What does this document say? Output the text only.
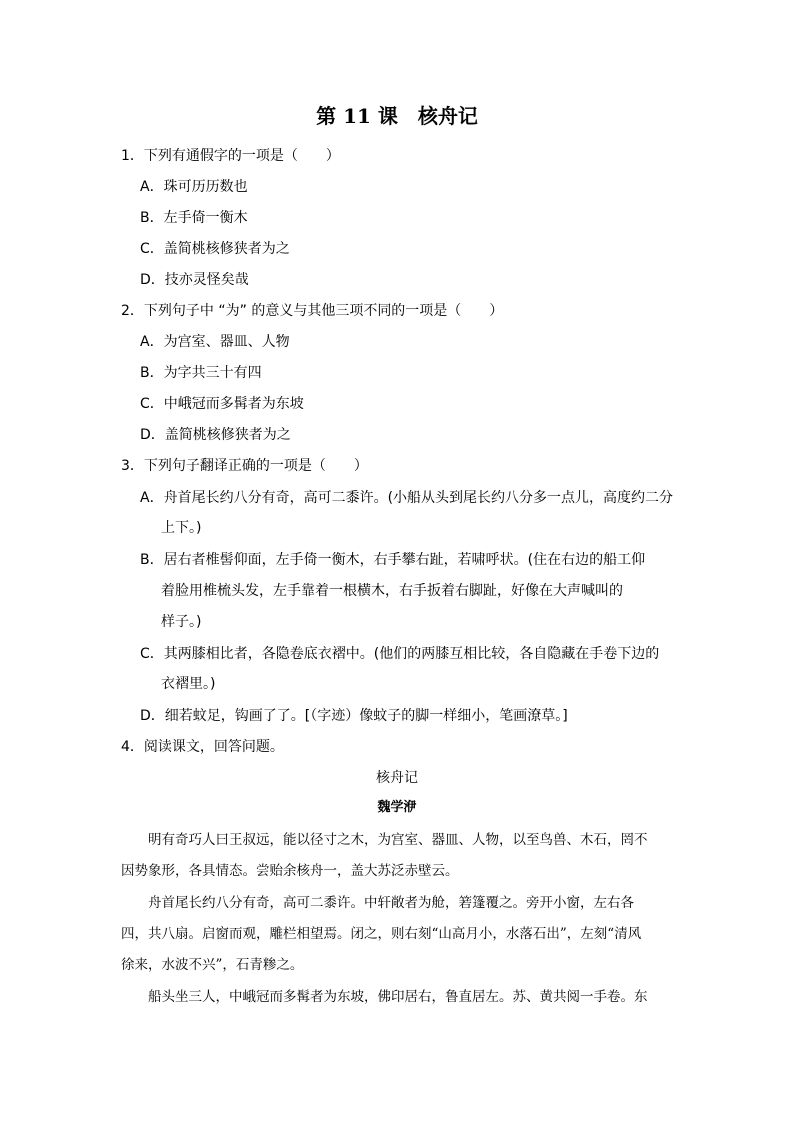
第 11 课　核舟记
1．下列有通假字的一项是（　　）
A．珠可历历数也
B．左手倚一衡木
C．盖简桃核修狭者为之
D．技亦灵怪矣哉
2．下列句子中 “为” 的意义与其他三项不同的一项是（　　）
A．为宫室、器皿、人物
B．为字共三十有四
C．中峨冠而多髯者为东坡
D．盖简桃核修狭者为之
3．下列句子翻译正确的一项是（　　）
A．舟首尾长约八分有奇，高可二黍许。(小船从头到尾长约八分多一点儿，高度约二分
上下。)
B．居右者椎髻仰面，左手倚一衡木，右手攀右趾，若啸呼状。(住在右边的船工仰
着脸用椎梳头发，左手靠着一根横木，右手扳着右脚趾，好像在大声喊叫的
样子。)
C．其两膝相比者，各隐卷底衣褶中。(他们的两膝互相比较，各自隐藏在手卷下边的
衣褶里。)
D．细若蚊足，钩画了了。[（字迹）像蚊子的脚一样细小，笔画潦草。]
4．阅读课文，回答问题。
核舟记
魏学洢
　　明有奇巧人曰王叔远，能以径寸之木，为宫室、器皿、人物，以至鸟兽、木石，罔不
因势象形，各具情态。尝贻余核舟一，盖大苏泛赤壁云。
　　舟首尾长约八分有奇，高可二黍许。中轩敞者为舱，箬篷覆之。旁开小窗，左右各
四，共八扇。启窗而观，雕栏相望焉。闭之，则右刻“山高月小，水落石出”，左刻“清风
徐来，水波不兴”，石青糁之。
　　船头坐三人，中峨冠而多髯者为东坡，佛印居右，鲁直居左。苏、黄共阅一手卷。东
